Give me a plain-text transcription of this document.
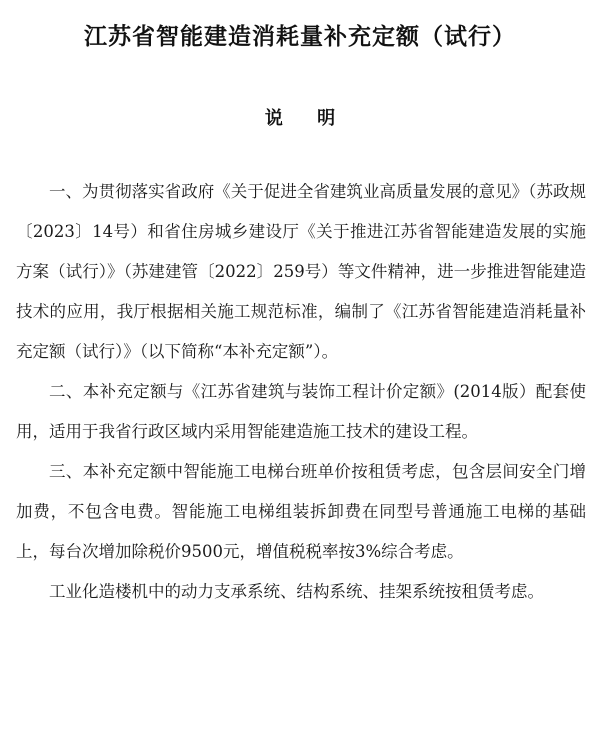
江苏省智能建造消耗量补充定额（试行）
说 明

一、为贯彻落实省政府《关于促进全省建筑业高质量发展的意见》（苏政规〔2023〕14号）和省住房城乡建设厅《关于推进江苏省智能建造发展的实施方案（试行）》（苏建建管〔2022〕259号）等文件精神，进一步推进智能建造技术的应用，我厅根据相关施工规范标准，编制了《江苏省智能建造消耗量补充定额（试行）》（以下简称“本补充定额”）。

二、本补充定额与《江苏省建筑与装饰工程计价定额》(2014版）配套使用，适用于我省行政区域内采用智能建造施工技术的建设工程。

三、本补充定额中智能施工电梯台班单价按租赁考虑，包含层间安全门增加费，不包含电费。智能施工电梯组装拆卸费在同型号普通施工电梯的基础上，每台次增加除税价9500元，增值税税率按3%综合考虑。

工业化造楼机中的动力支承系统、结构系统、挂架系统按租赁考虑。
